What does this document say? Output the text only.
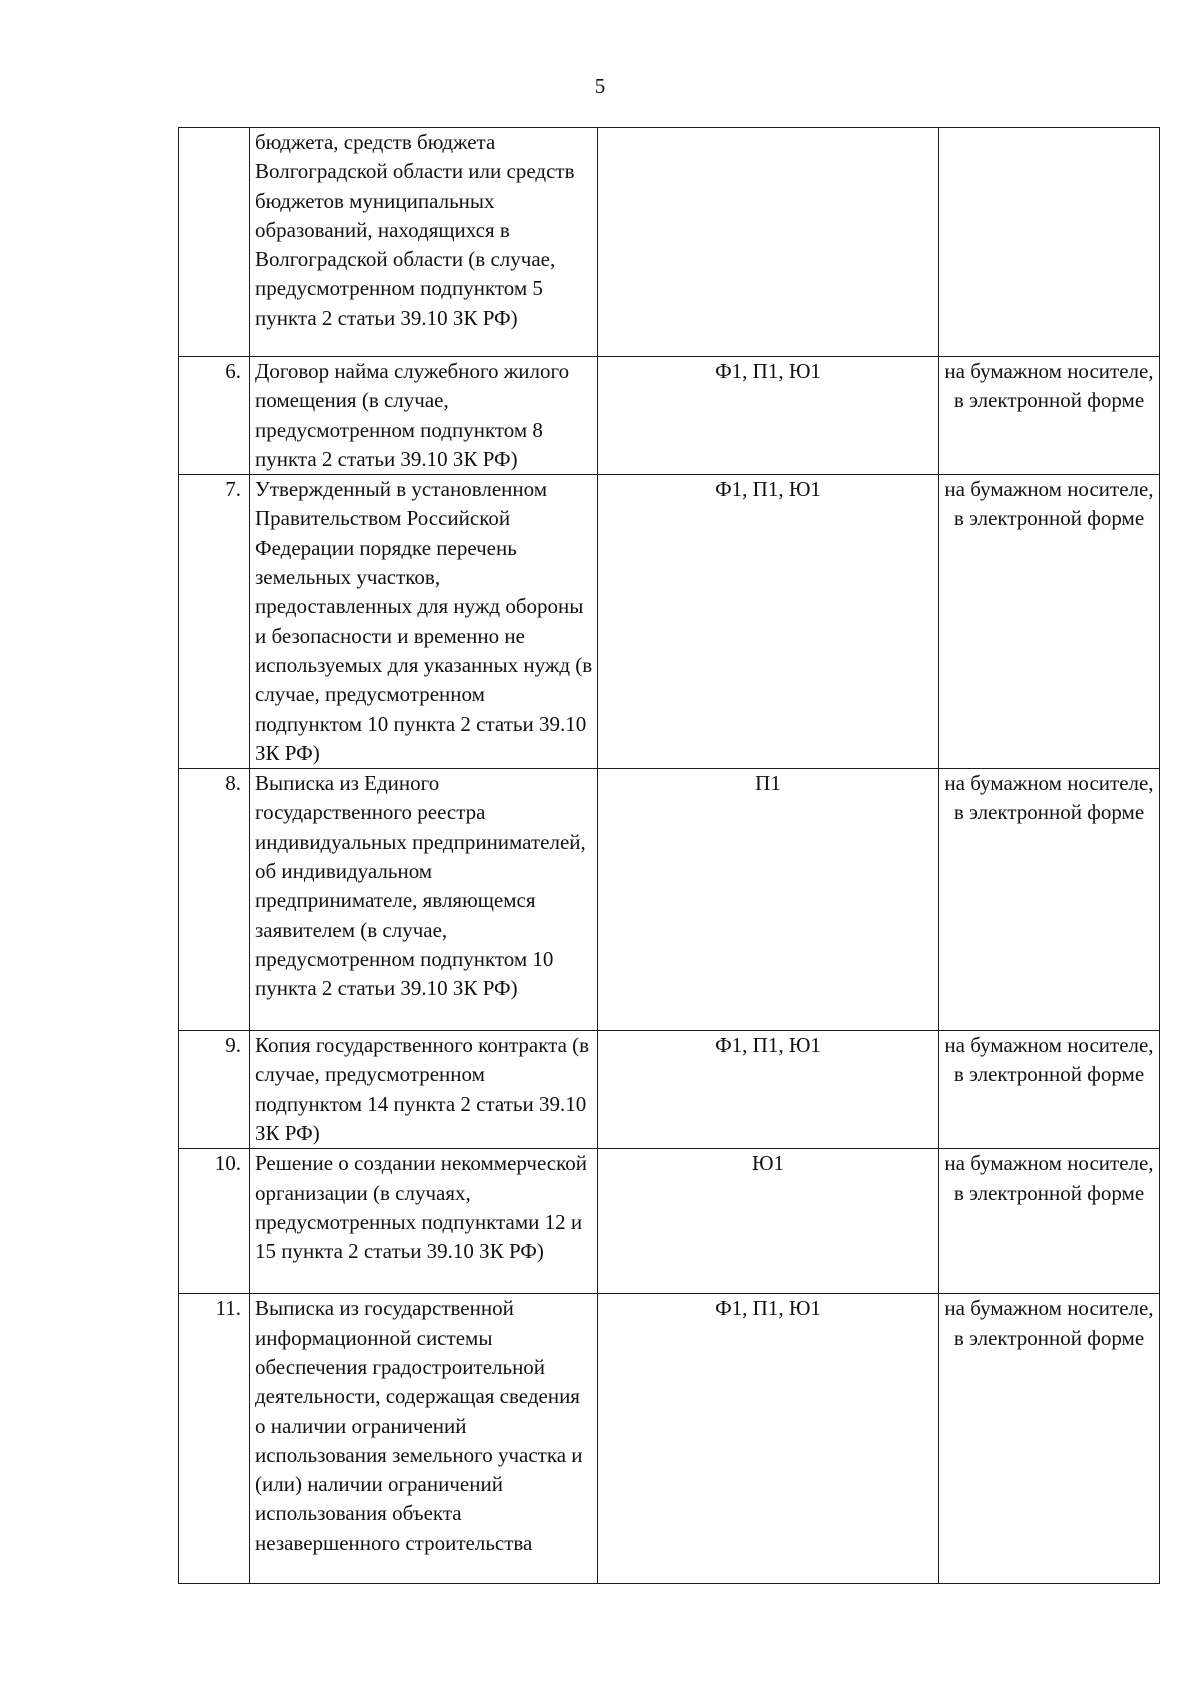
5
	бюджета, средств бюджета Волгоградской области или средств бюджетов муниципальных образований, находящихся в Волгоградской области (в случае, предусмотренном подпунктом 5 пункта 2 статьи 39.10 ЗК РФ)		
6.	Договор найма служебного жилого помещения (в случае, предусмотренном подпунктом 8 пункта 2 статьи 39.10 ЗК РФ)	Ф1, П1, Ю1	на бумажном носителе, в электронной форме
7.	Утвержденный в установленном Правительством Российской Федерации порядке перечень земельных участков, предоставленных для нужд обороны и безопасности и временно не используемых для указанных нужд (в случае, предусмотренном подпунктом 10 пункта 2 статьи 39.10 ЗК РФ)	Ф1, П1, Ю1	на бумажном носителе, в электронной форме
8.	Выписка из Единого государственного реестра индивидуальных предпринимателей, об индивидуальном предпринимателе, являющемся заявителем (в случае, предусмотренном подпунктом 10 пункта 2 статьи 39.10 ЗК РФ)	П1	на бумажном носителе, в электронной форме
9.	Копия государственного контракта (в случае, предусмотренном подпунктом 14 пункта 2 статьи 39.10 ЗК РФ)	Ф1, П1, Ю1	на бумажном носителе, в электронной форме
10.	Решение о создании некоммерческой организации (в случаях, предусмотренных подпунктами 12 и 15 пункта 2 статьи 39.10 ЗК РФ)	Ю1	на бумажном носителе, в электронной форме
11.	Выписка из государственной информационной системы обеспечения градостроительной деятельности, содержащая сведения о наличии ограничений использования земельного участка и (или) наличии ограничений использования объекта незавершенного строительства	Ф1, П1, Ю1	на бумажном носителе, в электронной форме
